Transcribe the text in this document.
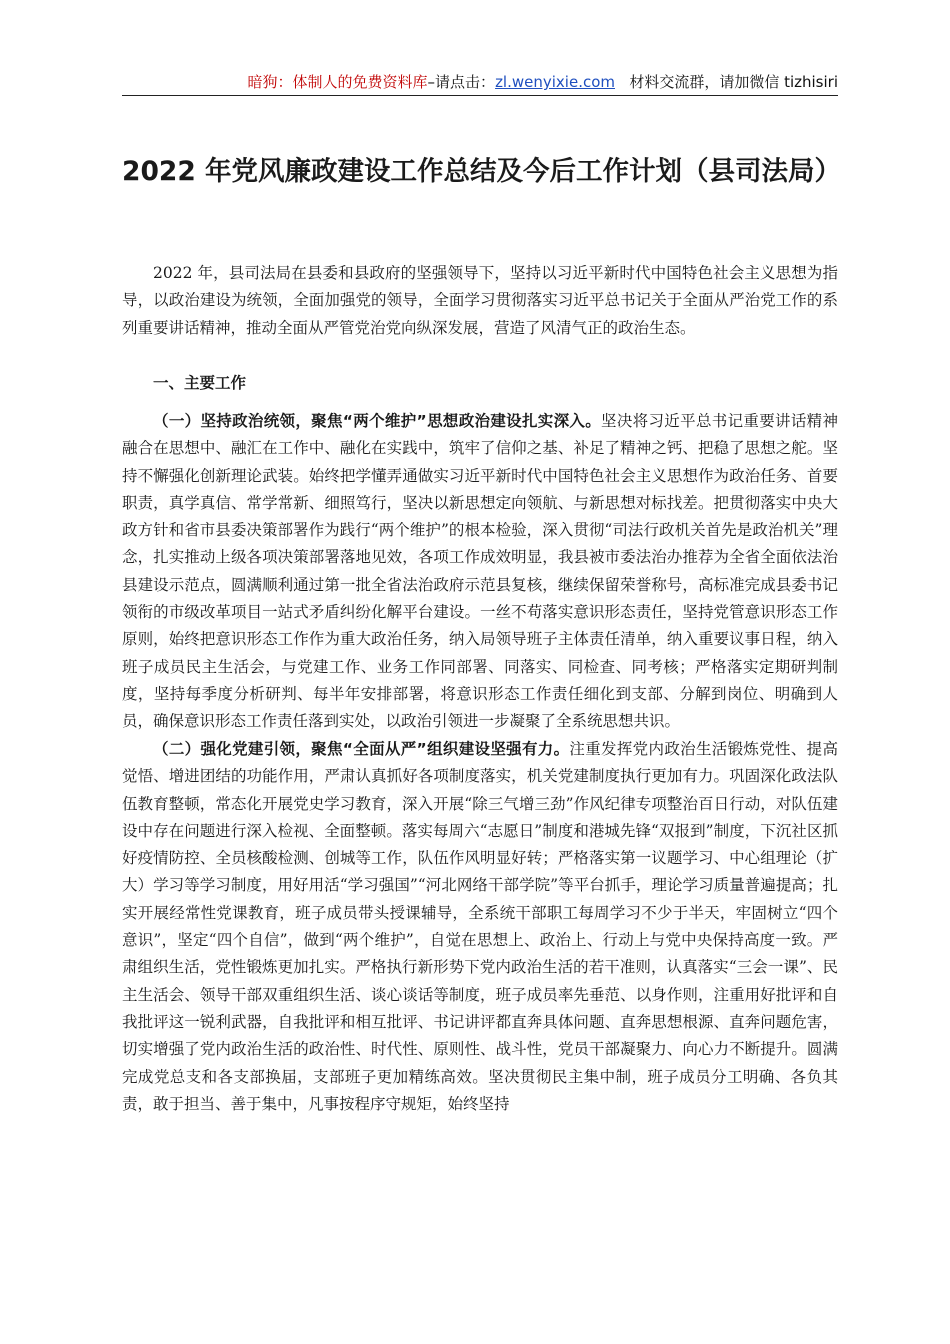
暗狗：体制人的免费资料库–请点击：zl.wenyixie.com 材料交流群，请加微信 tizhisiri
2022 年党风廉政建设工作总结及今后工作计划（县司法局）

2022 年，县司法局在县委和县政府的坚强领导下，坚持以习近平新时代中国特色社会主义思想为指导，以政治建设为统领，全面加强党的领导，全面学习贯彻落实习近平总书记关于全面从严治党工作的系列重要讲话精神，推动全面从严管党治党向纵深发展，营造了风清气正的政治生态。

一、主要工作

（一）坚持政治统领，聚焦“两个维护”思想政治建设扎实深入。坚决将习近平总书记重要讲话精神融合在思想中、融汇在工作中、融化在实践中，筑牢了信仰之基、补足了精神之钙、把稳了思想之舵。坚持不懈强化创新理论武装。始终把学懂弄通做实习近平新时代中国特色社会主义思想作为政治任务、首要职责，真学真信、常学常新、细照笃行，坚决以新思想定向领航、与新思想对标找差。把贯彻落实中央大政方针和省市县委决策部署作为践行“两个维护”的根本检验，深入贯彻“司法行政机关首先是政治机关”理念，扎实推动上级各项决策部署落地见效，各项工作成效明显，我县被市委法治办推荐为全省全面依法治县建设示范点，圆满顺利通过第一批全省法治政府示范县复核，继续保留荣誉称号，高标准完成县委书记领衔的市级改革项目一站式矛盾纠纷化解平台建设。一丝不苟落实意识形态责任，坚持党管意识形态工作原则，始终把意识形态工作作为重大政治任务，纳入局领导班子主体责任清单，纳入重要议事日程，纳入班子成员民主生活会，与党建工作、业务工作同部署、同落实、同检查、同考核；严格落实定期研判制度，坚持每季度分析研判、每半年安排部署，将意识形态工作责任细化到支部、分解到岗位、明确到人员，确保意识形态工作责任落到实处，以政治引领进一步凝聚了全系统思想共识。

（二）强化党建引领，聚焦“全面从严”组织建设坚强有力。注重发挥党内政治生活锻炼党性、提高觉悟、增进团结的功能作用，严肃认真抓好各项制度落实，机关党建制度执行更加有力。巩固深化政法队伍教育整顿，常态化开展党史学习教育，深入开展“除三气增三劲”作风纪律专项整治百日行动，对队伍建设中存在问题进行深入检视、全面整顿。落实每周六“志愿日”制度和港城先锋“双报到”制度，下沉社区抓好疫情防控、全员核酸检测、创城等工作，队伍作风明显好转；严格落实第一议题学习、中心组理论（扩大）学习等学习制度，用好用活“学习强国”“河北网络干部学院”等平台抓手，理论学习质量普遍提高；扎实开展经常性党课教育，班子成员带头授课辅导，全系统干部职工每周学习不少于半天，牢固树立“四个意识”，坚定“四个自信”，做到“两个维护”，自觉在思想上、政治上、行动上与党中央保持高度一致。严肃组织生活，党性锻炼更加扎实。严格执行新形势下党内政治生活的若干准则，认真落实“三会一课”、民主生活会、领导干部双重组织生活、谈心谈话等制度，班子成员率先垂范、以身作则，注重用好批评和自我批评这一锐利武器，自我批评和相互批评、书记讲评都直奔具体问题、直奔思想根源、直奔问题危害，切实增强了党内政治生活的政治性、时代性、原则性、战斗性，党员干部凝聚力、向心力不断提升。圆满完成党总支和各支部换届，支部班子更加精练高效。坚决贯彻民主集中制，班子成员分工明确、各负其责，敢于担当、善于集中，凡事按程序守规矩，始终坚持
